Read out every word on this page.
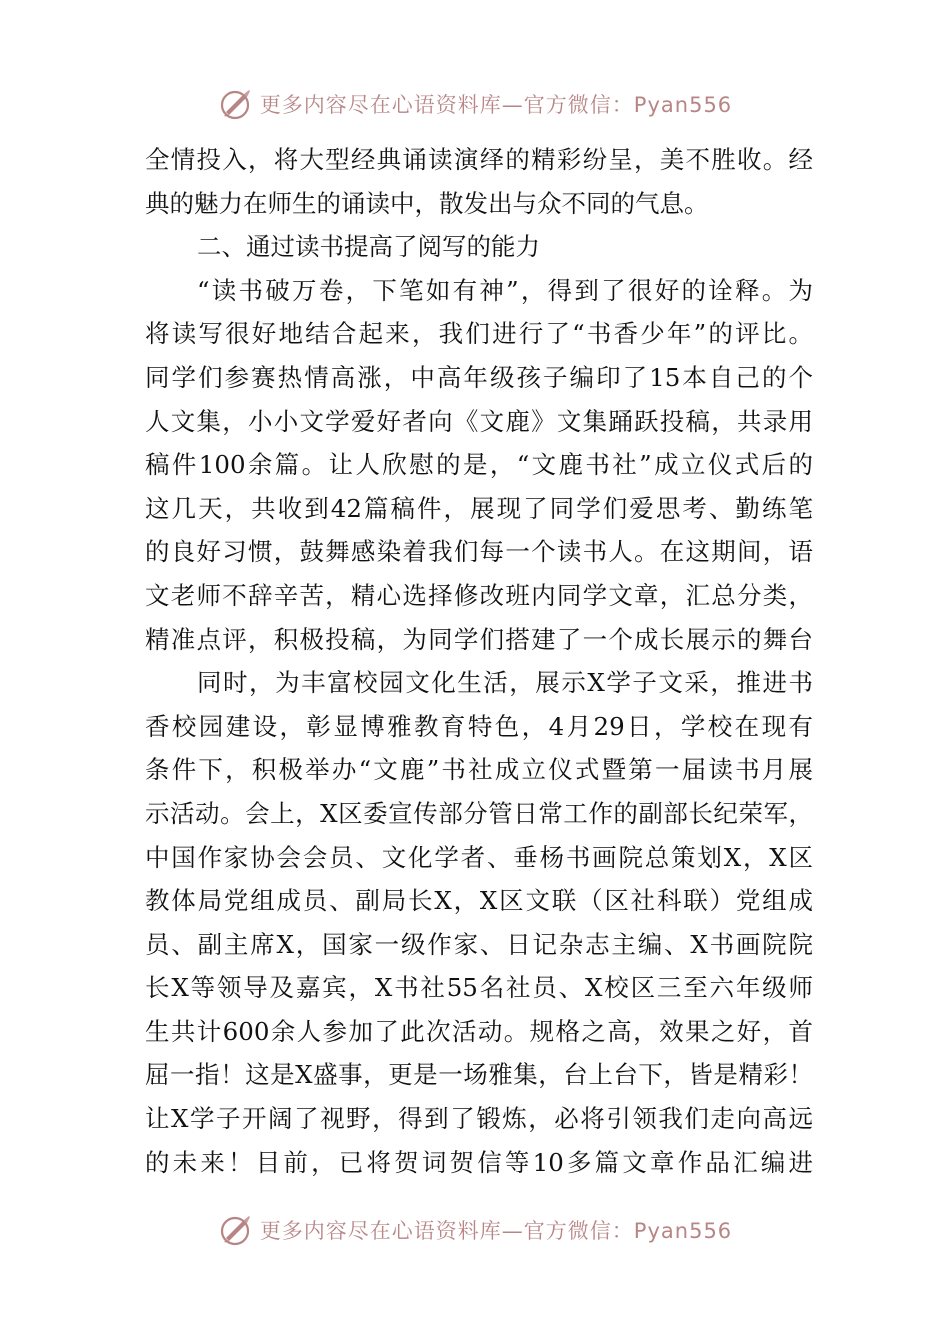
更多内容尽在心语资料库—官方微信：Pyan556
全情投入，将大型经典诵读演绎的精彩纷呈，美不胜收。经
典的魅力在师生的诵读中，散发出与众不同的气息。
二、通过读书提高了阅写的能力
“读书破万卷，下笔如有神”，得到了很好的诠释。为
将读写很好地结合起来，我们进行了“书香少年”的评比。
同学们参赛热情高涨，中高年级孩子编印了15本自己的个
人文集，小小文学爱好者向《文鹿》文集踊跃投稿，共录用
稿件100余篇。让人欣慰的是，“文鹿书社”成立仪式后的
这几天，共收到42篇稿件，展现了同学们爱思考、勤练笔
的良好习惯，鼓舞感染着我们每一个读书人。在这期间，语
文老师不辞辛苦，精心选择修改班内同学文章，汇总分类，
精准点评，积极投稿，为同学们搭建了一个成长展示的舞台
同时，为丰富校园文化生活，展示X学子文采，推进书
香校园建设，彰显博雅教育特色，4月29日，学校在现有
条件下，积极举办“文鹿”书社成立仪式暨第一届读书月展
示活动。会上，X区委宣传部分管日常工作的副部长纪荣军，
中国作家协会会员、文化学者、垂杨书画院总策划X，X区
教体局党组成员、副局长X，X区文联（区社科联）党组成
员、副主席X，国家一级作家、日记杂志主编、X书画院院
长X等领导及嘉宾，X书社55名社员、X校区三至六年级师
生共计600余人参加了此次活动。规格之高，效果之好，首
屈一指！这是X盛事，更是一场雅集，台上台下，皆是精彩！
让X学子开阔了视野，得到了锻炼，必将引领我们走向高远
的未来！目前，已将贺词贺信等10多篇文章作品汇编进
更多内容尽在心语资料库—官方微信：Pyan556
